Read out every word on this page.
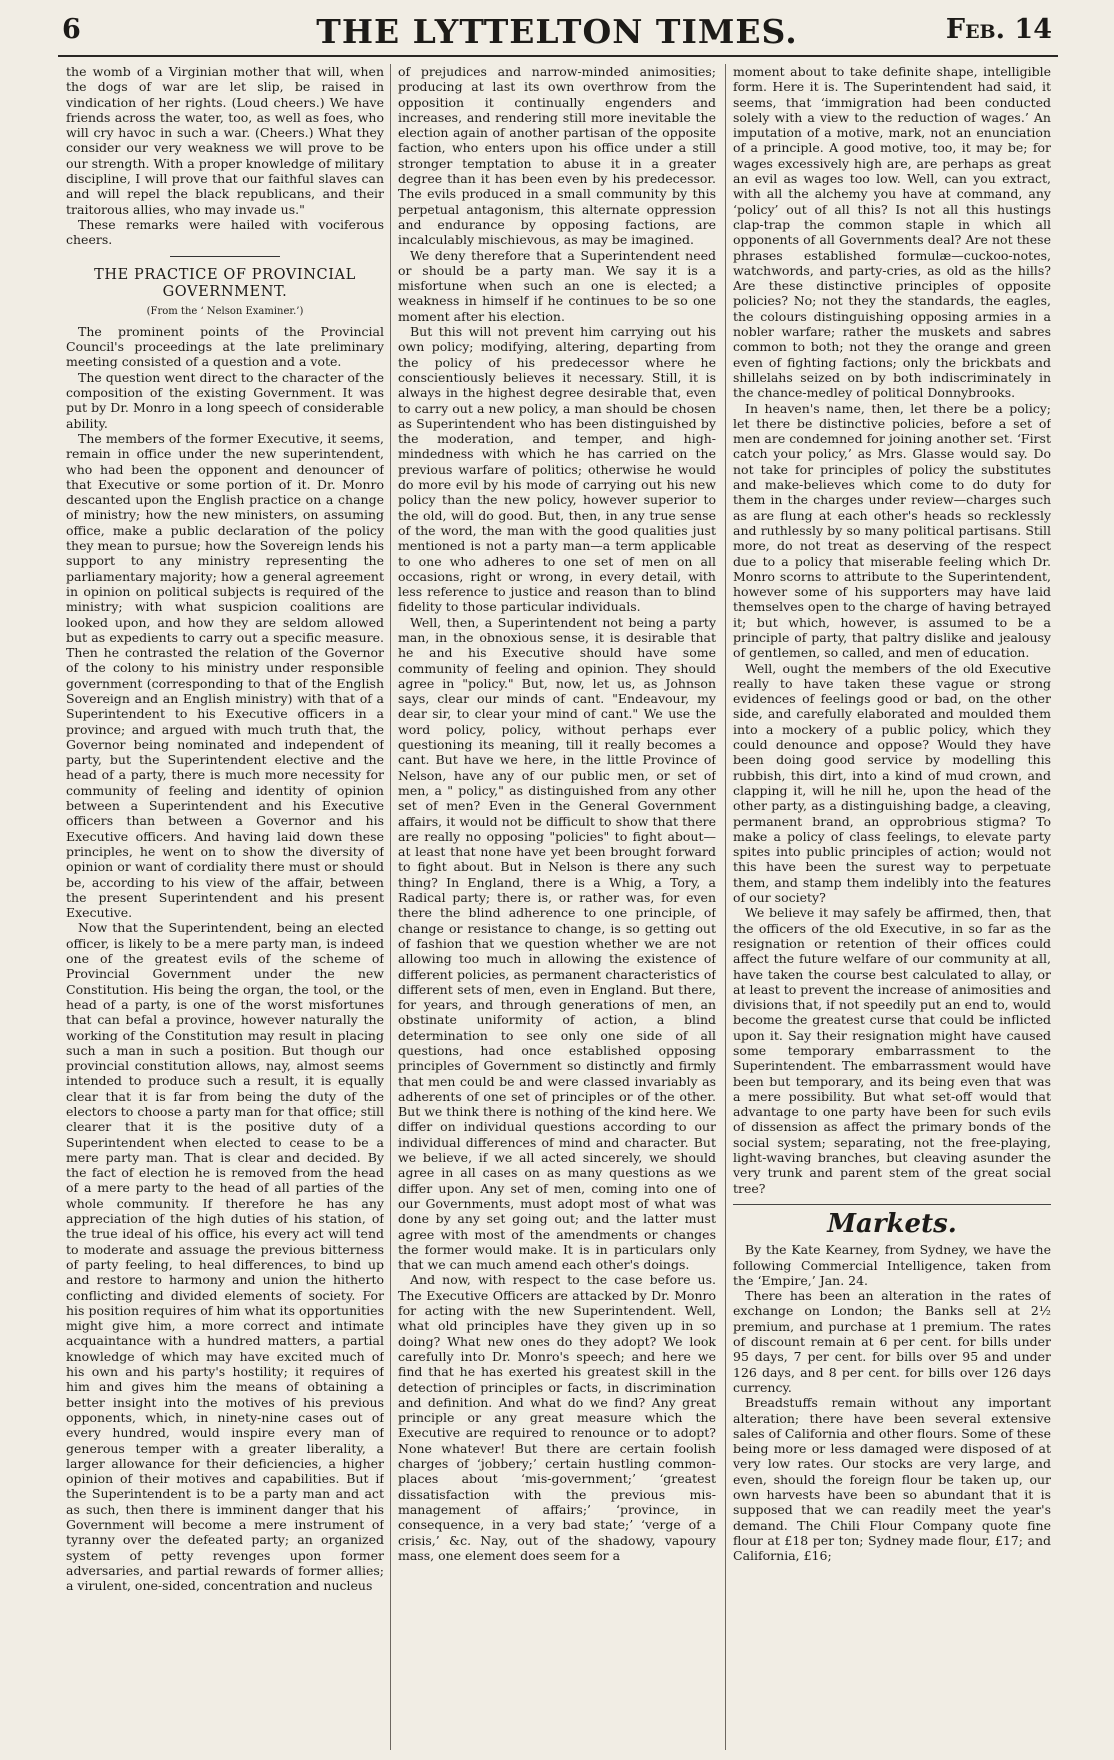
6	THE LYTTELTON TIMES.	Feb. 14

the womb of a Virginian mother that will, when the dogs of war are let slip, be raised in vindication of her rights. (Loud cheers.) We have friends across the water, too, as well as foes, who will cry havoc in such a war. (Cheers.) What they consider our very weakness we will prove to be our strength. With a proper knowledge of military discipline, I will prove that our faithful slaves can and will repel the black republicans, and their traitorous allies, who may invade us."

These remarks were hailed with vociferous cheers.

THE PRACTICE OF PROVINCIAL GOVERNMENT.
(From the ‘ Nelson Examiner.’)

The prominent points of the Provincial Council's proceedings at the late preliminary meeting consisted of a question and a vote.

The question went direct to the character of the composition of the existing Government. It was put by Dr. Monro in a long speech of considerable ability.

The members of the former Executive, it seems, remain in office under the new superintendent, who had been the opponent and denouncer of that Executive or some portion of it. Dr. Monro descanted upon the English practice on a change of ministry; how the new ministers, on assuming office, make a public declaration of the policy they mean to pursue; how the Sovereign lends his support to any ministry representing the parliamentary majority; how a general agreement in opinion on political subjects is required of the ministry; with what suspicion coalitions are looked upon, and how they are seldom allowed but as expedients to carry out a specific measure. Then he contrasted the relation of the Governor of the colony to his ministry under responsible government (corresponding to that of the English Sovereign and an English ministry) with that of a Superintendent to his Executive officers in a province; and argued with much truth that, the Governor being nominated and independent of party, but the Superintendent elective and the head of a party, there is much more necessity for community of feeling and identity of opinion between a Superintendent and his Executive officers than between a Governor and his Executive officers. And having laid down these principles, he went on to show the diversity of opinion or want of cordiality there must or should be, according to his view of the affair, between the present Superintendent and his present Executive.

Now that the Superintendent, being an elected officer, is likely to be a mere party man, is indeed one of the greatest evils of the scheme of Provincial Government under the new Constitution. His being the organ, the tool, or the head of a party, is one of the worst misfortunes that can befal a province, however naturally the working of the Constitution may result in placing such a man in such a position. But though our provincial constitution allows, nay, almost seems intended to produce such a result, it is equally clear that it is far from being the duty of the electors to choose a party man for that office; still clearer that it is the positive duty of a Superintendent when elected to cease to be a mere party man. That is clear and decided. By the fact of election he is removed from the head of a mere party to the head of all parties of the whole community. If therefore he has any appreciation of the high duties of his station, of the true ideal of his office, his every act will tend to moderate and assuage the previous bitterness of party feeling, to heal differences, to bind up and restore to harmony and union the hitherto conflicting and divided elements of society. For his position requires of him what its opportunities might give him, a more correct and intimate acquaintance with a hundred matters, a partial knowledge of which may have excited much of his own and his party's hostility; it requires of him and gives him the means of obtaining a better insight into the motives of his previous opponents, which, in ninety-nine cases out of every hundred, would inspire every man of generous temper with a greater liberality, a larger allowance for their deficiencies, a higher opinion of their motives and capabilities. But if the Superintendent is to be a party man and act as such, then there is imminent danger that his Government will become a mere instrument of tyranny over the defeated party; an organized system of petty revenges upon former adversaries, and partial rewards of former allies; a virulent, one-sided, concentration and nucleus

of prejudices and narrow-minded animosities; producing at last its own overthrow from the opposition it continually engenders and increases, and rendering still more inevitable the election again of another partisan of the opposite faction, who enters upon his office under a still stronger temptation to abuse it in a greater degree than it has been even by his predecessor. The evils produced in a small community by this perpetual antagonism, this alternate oppression and endurance by opposing factions, are incalculably mischievous, as may be imagined.

We deny therefore that a Superintendent need or should be a party man. We say it is a misfortune when such an one is elected; a weakness in himself if he continues to be so one moment after his election.

But this will not prevent him carrying out his own policy; modifying, altering, departing from the policy of his predecessor where he conscientiously believes it necessary. Still, it is always in the highest degree desirable that, even to carry out a new policy, a man should be chosen as Superintendent who has been distinguished by the moderation, and temper, and high-mindedness with which he has carried on the previous warfare of politics; otherwise he would do more evil by his mode of carrying out his new policy than the new policy, however superior to the old, will do good. But, then, in any true sense of the word, the man with the good qualities just mentioned is not a party man—a term applicable to one who adheres to one set of men on all occasions, right or wrong, in every detail, with less reference to justice and reason than to blind fidelity to those particular individuals.

Well, then, a Superintendent not being a party man, in the obnoxious sense, it is desirable that he and his Executive should have some community of feeling and opinion. They should agree in "policy." But, now, let us, as Johnson says, clear our minds of cant. "Endeavour, my dear sir, to clear your mind of cant." We use the word policy, policy, without perhaps ever questioning its meaning, till it really becomes a cant. But have we here, in the little Province of Nelson, have any of our public men, or set of men, a " policy," as distinguished from any other set of men? Even in the General Government affairs, it would not be difficult to show that there are really no opposing "policies" to fight about—at least that none have yet been brought forward to fight about. But in Nelson is there any such thing? In England, there is a Whig, a Tory, a Radical party; there is, or rather was, for even there the blind adherence to one principle, of change or resistance to change, is so getting out of fashion that we question whether we are not allowing too much in allowing the existence of different policies, as permanent characteristics of different sets of men, even in England. But there, for years, and through generations of men, an obstinate uniformity of action, a blind determination to see only one side of all questions, had once established opposing principles of Government so distinctly and firmly that men could be and were classed invariably as adherents of one set of principles or of the other. But we think there is nothing of the kind here. We differ on individual questions according to our individual differences of mind and character. But we believe, if we all acted sincerely, we should agree in all cases on as many questions as we differ upon. Any set of men, coming into one of our Governments, must adopt most of what was done by any set going out; and the latter must agree with most of the amendments or changes the former would make. It is in particulars only that we can much amend each other's doings.

And now, with respect to the case before us. The Executive Officers are attacked by Dr. Monro for acting with the new Superintendent. Well, what old principles have they given up in so doing? What new ones do they adopt? We look carefully into Dr. Monro's speech; and here we find that he has exerted his greatest skill in the detection of principles or facts, in discrimination and definition. And what do we find? Any great principle or any great measure which the Executive are required to renounce or to adopt? None whatever! But there are certain foolish charges of ‘jobbery;’ certain hustling common-places about ‘mis-government;’ ‘greatest dissatisfaction with the previous mis-management of affairs;’ ‘province, in consequence, in a very bad state;’ ‘verge of a crisis,’ &c. Nay, out of the shadowy, vapoury mass, one element does seem for a

moment about to take definite shape, intelligible form. Here it is. The Superintendent had said, it seems, that ‘immigration had been conducted solely with a view to the reduction of wages.’ An imputation of a motive, mark, not an enunciation of a principle. A good motive, too, it may be; for wages excessively high are, are perhaps as great an evil as wages too low. Well, can you extract, with all the alchemy you have at command, any ‘policy’ out of all this? Is not all this hustings clap-trap the common staple in which all opponents of all Governments deal? Are not these phrases established formulæ—cuckoo-notes, watchwords, and party-cries, as old as the hills? Are these distinctive principles of opposite policies? No; not they the standards, the eagles, the colours distinguishing opposing armies in a nobler warfare; rather the muskets and sabres common to both; not they the orange and green even of fighting factions; only the brickbats and shillelahs seized on by both indiscriminately in the chance-medley of political Donnybrooks.

In heaven's name, then, let there be a policy; let there be distinctive policies, before a set of men are condemned for joining another set. ‘First catch your policy,’ as Mrs. Glasse would say. Do not take for principles of policy the substitutes and make-believes which come to do duty for them in the charges under review—charges such as are flung at each other's heads so recklessly and ruthlessly by so many political partisans. Still more, do not treat as deserving of the respect due to a policy that miserable feeling which Dr. Monro scorns to attribute to the Superintendent, however some of his supporters may have laid themselves open to the charge of having betrayed it; but which, however, is assumed to be a principle of party, that paltry dislike and jealousy of gentlemen, so called, and men of education.

Well, ought the members of the old Executive really to have taken these vague or strong evidences of feelings good or bad, on the other side, and carefully elaborated and moulded them into a mockery of a public policy, which they could denounce and oppose? Would they have been doing good service by modelling this rubbish, this dirt, into a kind of mud crown, and clapping it, will he nill he, upon the head of the other party, as a distinguishing badge, a cleaving, permanent brand, an opprobrious stigma? To make a policy of class feelings, to elevate party spites into public principles of action; would not this have been the surest way to perpetuate them, and stamp them indelibly into the features of our society?

We believe it may safely be affirmed, then, that the officers of the old Executive, in so far as the resignation or retention of their offices could affect the future welfare of our community at all, have taken the course best calculated to allay, or at least to prevent the increase of animosities and divisions that, if not speedily put an end to, would become the greatest curse that could be inflicted upon it. Say their resignation might have caused some temporary embarrassment to the Superintendent. The embarrassment would have been but temporary, and its being even that was a mere possibility. But what set-off would that advantage to one party have been for such evils of dissension as affect the primary bonds of the social system; separating, not the free-playing, light-waving branches, but cleaving asunder the very trunk and parent stem of the great social tree?

Markets.

By the Kate Kearney, from Sydney, we have the following Commercial Intelligence, taken from the ‘Empire,’ Jan. 24.

There has been an alteration in the rates of exchange on London; the Banks sell at 2½ premium, and purchase at 1 premium. The rates of discount remain at 6 per cent. for bills under 95 days, 7 per cent. for bills over 95 and under 126 days, and 8 per cent. for bills over 126 days currency.

Breadstuffs remain without any important alteration; there have been several extensive sales of California and other flours. Some of these being more or less damaged were disposed of at very low rates. Our stocks are very large, and even, should the foreign flour be taken up, our own harvests have been so abundant that it is supposed that we can readily meet the year's demand. The Chili Flour Company quote fine flour at £18 per ton; Sydney made flour, £17; and California, £16;
